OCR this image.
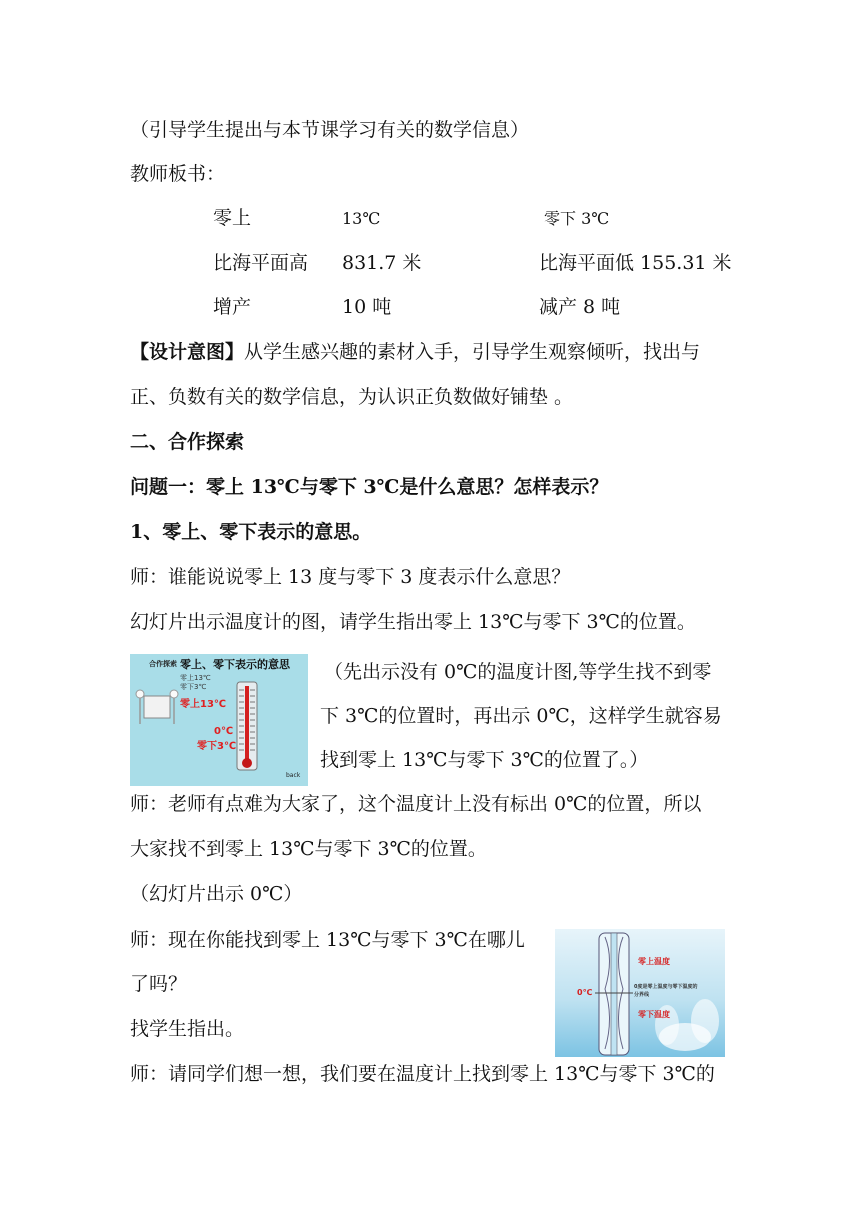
（引导学生提出与本节课学习有关的数学信息）
教师板书：
零上	13℃	零下 3℃
比海平面高 831.7 米	比海平面低 155.31 米
增产	10 吨	减产 8 吨
【设计意图】从学生感兴趣的素材入手，引导学生观察倾听，找出与
正、负数有关的数学信息，为认识正负数做好铺垫 。
二、合作探索
问题一：零上 13℃与零下 3℃是什么意思？怎样表示？
1、零上、零下表示的意思。
师：谁能说说零上 13 度与零下 3 度表示什么意思？
幻灯片出示温度计的图，请学生指出零上 13℃与零下 3℃的位置。
合作探索 零上、零下表示的意思
零上13℃
零下3℃
零上13℃
0℃
零下3℃
back
（先出示没有 0℃的温度计图,等学生找不到零
下 3℃的位置时，再出示 0℃，这样学生就容易
找到零上 13℃与零下 3℃的位置了。）
师：老师有点难为大家了，这个温度计上没有标出 0℃的位置，所以
大家找不到零上 13℃与零下 3℃的位置。
（幻灯片出示 0℃）
师：现在你能找到零上 13℃与零下 3℃在哪儿
了吗？
找学生指出。
师：请同学们想一想，我们要在温度计上找到零上 13℃与零下 3℃的
0℃
零上温度
0度是零上温度与零下温度的
分界线
零下温度
